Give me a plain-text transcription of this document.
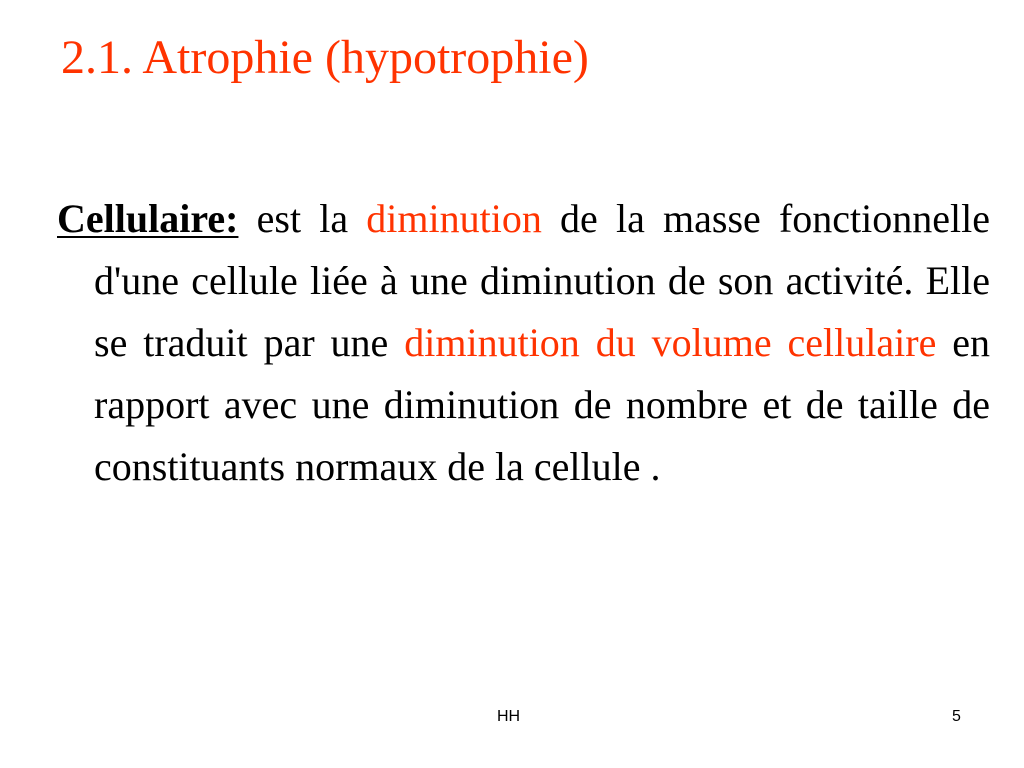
2.1. Atrophie (hypotrophie)

Cellulaire: est la diminution de la masse fonctionnelle d'une cellule liée à une diminution de son activité. Elle se traduit par une diminution du volume cellulaire en rapport avec une diminution de nombre et de taille de constituants normaux de la cellule .

HH	5
